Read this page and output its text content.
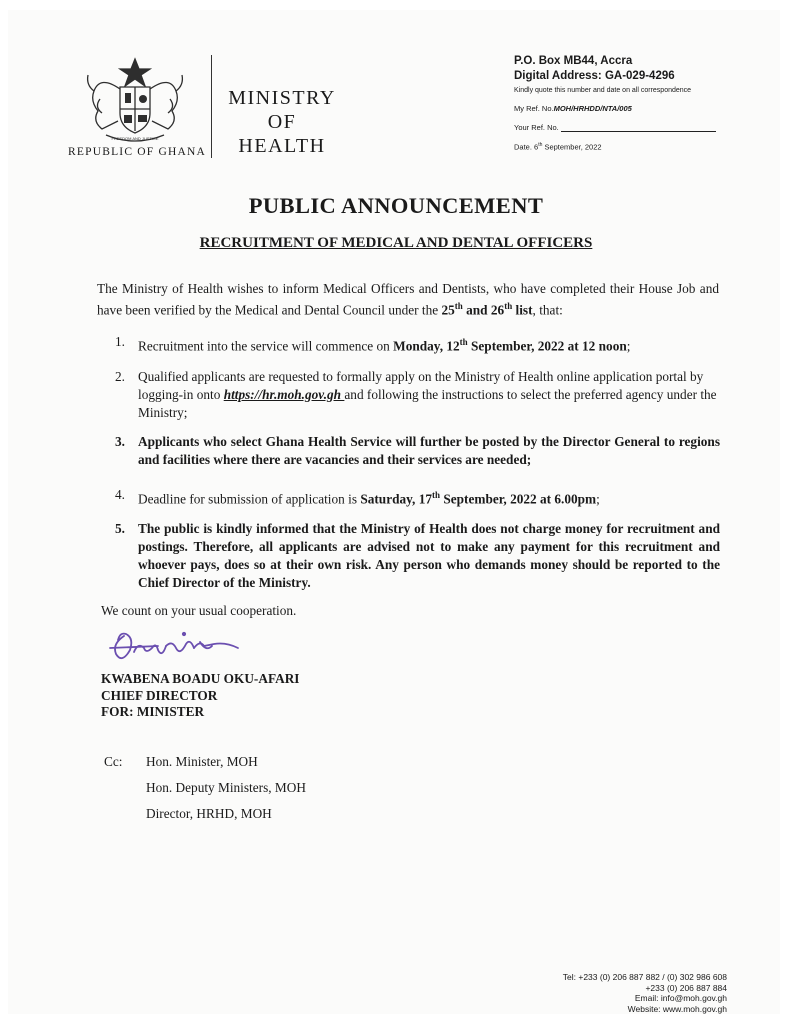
FREEDOM AND JUSTICE
REPUBLIC OF GHANA
MINISTRY
OF
HEALTH
P.O. Box MB44, Accra
Digital Address: GA-029-4296
Kindly quote this number and date on all correspondence
My Ref. No.MOH/HRHDD/NTA/005
Your Ref. No.
Date. 6th September, 2022
PUBLIC ANNOUNCEMENT
RECRUITMENT OF MEDICAL AND DENTAL OFFICERS
The Ministry of Health wishes to inform Medical Officers and Dentists, who have completed their House Job and have been verified by the Medical and Dental Council under the 25th and 26th list, that:
1. Recruitment into the service will commence on Monday, 12th September, 2022 at 12 noon;
2. Qualified applicants are requested to formally apply on the Ministry of Health online application portal by logging-in onto https://hr.moh.gov.gh and following the instructions to select the preferred agency under the Ministry;
3. Applicants who select Ghana Health Service will further be posted by the Director General to regions and facilities where there are vacancies and their services are needed;
4. Deadline for submission of application is Saturday, 17th September, 2022 at 6.00pm;
5. The public is kindly informed that the Ministry of Health does not charge money for recruitment and postings. Therefore, all applicants are advised not to make any payment for this recruitment and whoever pays, does so at their own risk. Any person who demands money should be reported to the Chief Director of the Ministry.
We count on your usual cooperation.
KWABENA BOADU OKU-AFARI
CHIEF DIRECTOR
FOR: MINISTER
Cc: Hon. Minister, MOH
Hon. Deputy Ministers, MOH
Director, HRHD, MOH
Tel: +233 (0) 206 887 882 / (0) 302 986 608
+233 (0) 206 887 884
Email: info@moh.gov.gh
Website: www.moh.gov.gh
